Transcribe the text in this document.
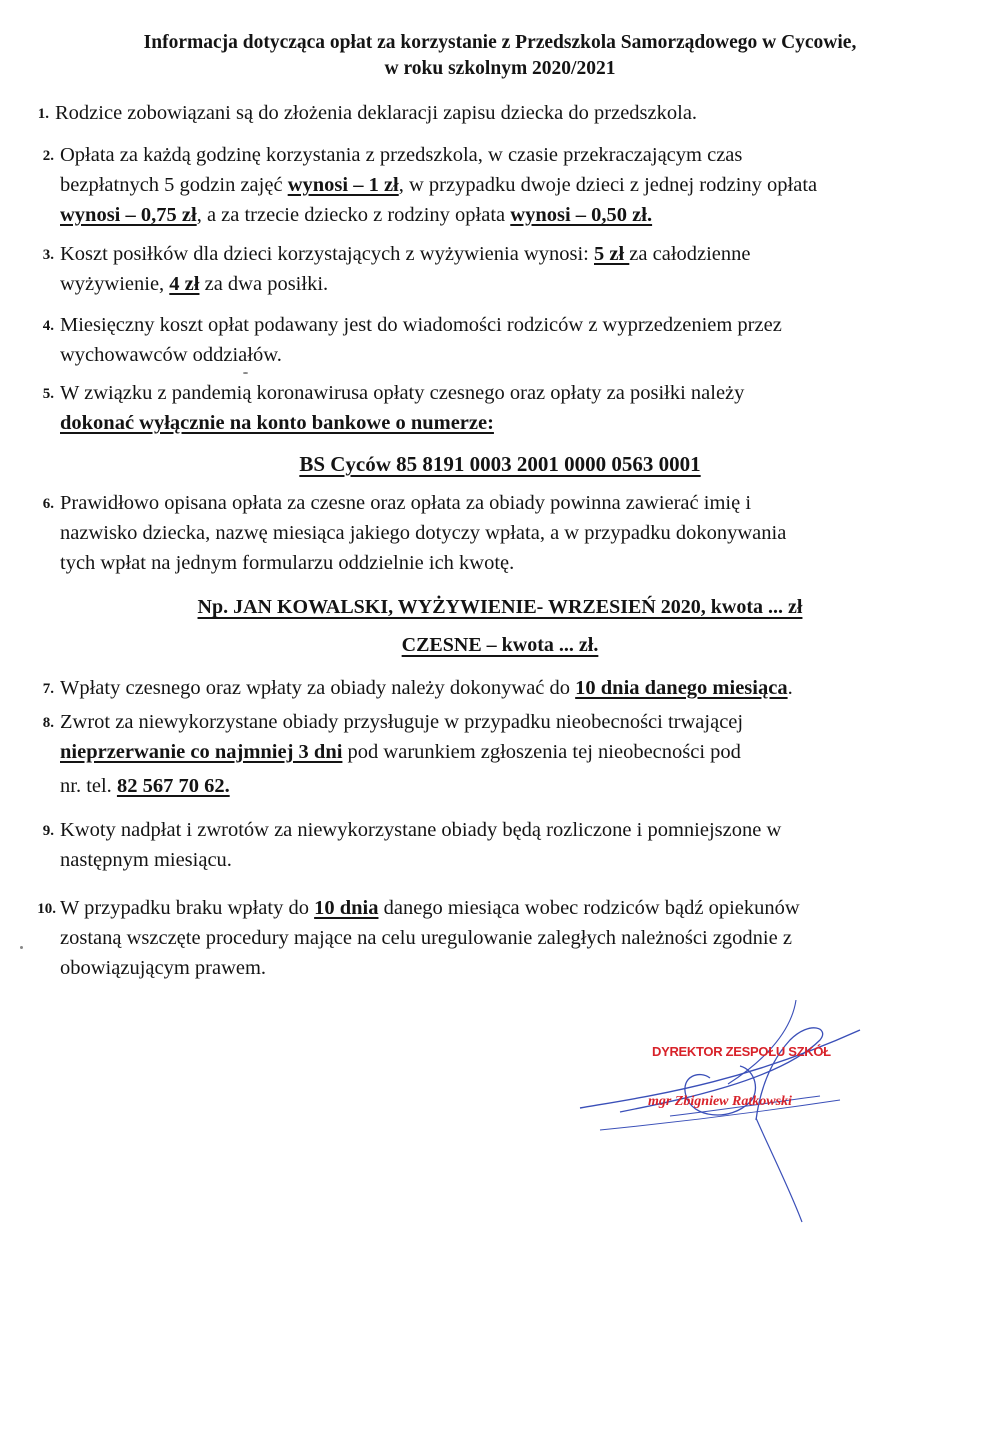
Informacja dotycząca opłat za korzystanie z Przedszkola Samorządowego w Cycowie,
w roku szkolnym 2020/2021
1. Rodzice zobowiązani są do złożenia deklaracji zapisu dziecka do przedszkola.
2. Opłata za każdą godzinę korzystania z przedszkola, w czasie przekraczającym czas
bezpłatnych 5 godzin zajęć wynosi – 1 zł, w przypadku dwoje dzieci z jednej rodziny opłata
wynosi – 0,75 zł, a za trzecie dziecko z rodziny opłata wynosi – 0,50 zł.
3. Koszt posiłków dla dzieci korzystających z wyżywienia wynosi: 5 zł za całodzienne
wyżywienie, 4 zł za dwa posiłki.
4. Miesięczny koszt opłat podawany jest do wiadomości rodziców z wyprzedzeniem przez
wychowawców oddziałów.
5. W związku z pandemią koronawirusa opłaty czesnego oraz opłaty za posiłki należy
dokonać wyłącznie na konto bankowe o numerze:
BS Cyców 85 8191 0003 2001 0000 0563 0001
6. Prawidłowo opisana opłata za czesne oraz opłata za obiady powinna zawierać imię i
nazwisko dziecka, nazwę miesiąca jakiego dotyczy wpłata, a w przypadku dokonywania
tych wpłat na jednym formularzu oddzielnie ich kwotę.
Np. JAN KOWALSKI, WYŻYWIENIE- WRZESIEŃ 2020, kwota ... zł
CZESNE – kwota ... zł.
7. Wpłaty czesnego oraz wpłaty za obiady należy dokonywać do 10 dnia danego miesiąca.
8. Zwrot za niewykorzystane obiady przysługuje w przypadku nieobecności trwającej
nieprzerwanie co najmniej 3 dni pod warunkiem zgłoszenia tej nieobecności pod
nr. tel. 82 567 70 62.
9. Kwoty nadpłat i zwrotów za niewykorzystane obiady będą rozliczone i pomniejszone w
następnym miesiącu.
10. W przypadku braku wpłaty do 10 dnia danego miesiąca wobec rodziców bądź opiekunów
zostaną wszczęte procedury mające na celu uregulowanie zaległych należności zgodnie z
obowiązującym prawem.
DYREKTOR ZESPOŁU SZKÓŁ
mgr Zbigniew Ratkowski
